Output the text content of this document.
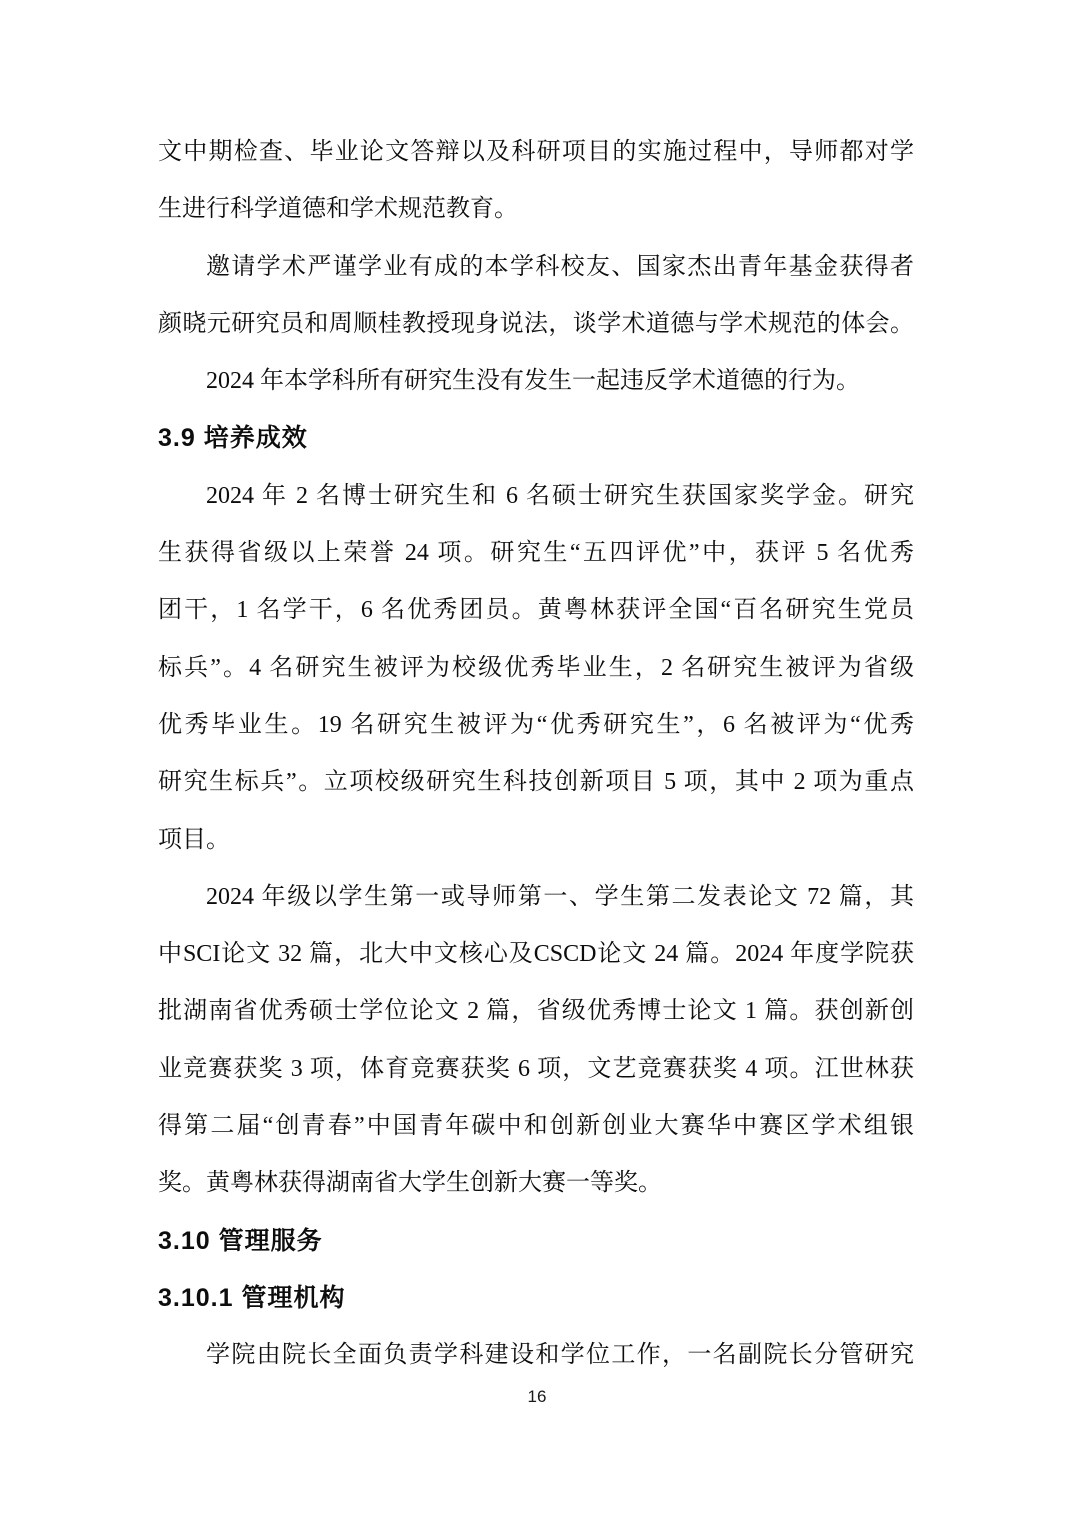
文中期检查、毕业论文答辩以及科研项目的实施过程中，导师都对学
生进行科学道德和学术规范教育。
邀请学术严谨学业有成的本学科校友、国家杰出青年基金获得者
颜晓元研究员和周顺桂教授现身说法，谈学术道德与学术规范的体会。
2024 年本学科所有研究生没有发生一起违反学术道德的行为。
3.9 培养成效
2024 年 2 名博士研究生和 6 名硕士研究生获国家奖学金。研究
生获得省级以上荣誉 24 项。研究生“五四评优”中，获评 5 名优秀
团干，1 名学干，6 名优秀团员。黄粤林获评全国“百名研究生党员
标兵”。4 名研究生被评为校级优秀毕业生，2 名研究生被评为省级
优秀毕业生。19 名研究生被评为“优秀研究生”，6 名被评为“优秀
研究生标兵”。立项校级研究生科技创新项目 5 项，其中 2 项为重点
项目。
2024 年级以学生第一或导师第一、学生第二发表论文 72 篇，其
中SCI论文 32 篇，北大中文核心及CSCD论文 24 篇。2024 年度学院获
批湖南省优秀硕士学位论文 2 篇，省级优秀博士论文 1 篇。获创新创
业竞赛获奖 3 项，体育竞赛获奖 6 项，文艺竞赛获奖 4 项。江世林获
得第二届“创青春”中国青年碳中和创新创业大赛华中赛区学术组银
奖。黄粤林获得湖南省大学生创新大赛一等奖。
3.10 管理服务
3.10.1 管理机构
学院由院长全面负责学科建设和学位工作，一名副院长分管研究
16
